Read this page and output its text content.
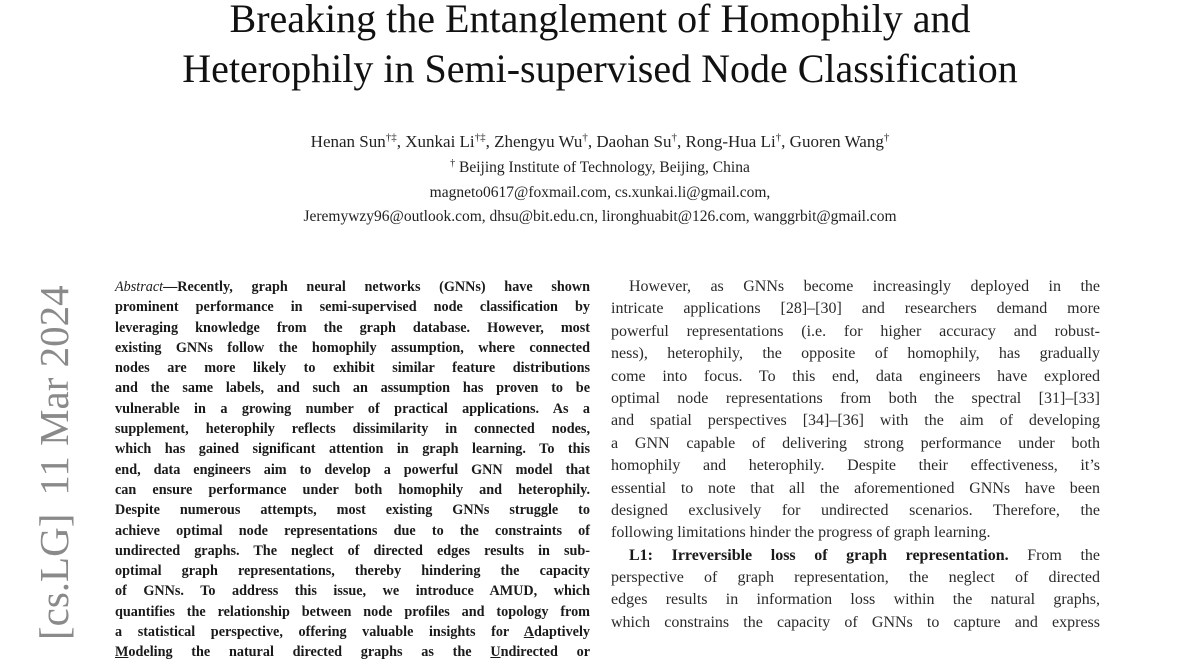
Breaking the Entanglement of Homophily and
Heterophily in Semi-supervised Node Classification
Henan Sun†‡, Xunkai Li†‡, Zhengyu Wu†, Daohan Su†, Rong-Hua Li†, Guoren Wang†
† Beijing Institute of Technology, Beijing, China
magneto0617@foxmail.com, cs.xunkai.li@gmail.com,
Jeremywzy96@outlook.com, dhsu@bit.edu.cn, lironghuabit@126.com, wanggrbit@gmail.com
[cs.LG]11 Mar 2024	Abstract—Recently, graph neural networks (GNNs) have shown
prominent performance in semi-supervised node classification by
leveraging knowledge from the graph database. However, most
existing GNNs follow the homophily assumption, where connected
nodes are more likely to exhibit similar feature distributions
and the same labels, and such an assumption has proven to be
vulnerable in a growing number of practical applications. As a
supplement, heterophily reflects dissimilarity in connected nodes,
which has gained significant attention in graph learning. To this
end, data engineers aim to develop a powerful GNN model that
can ensure performance under both homophily and heterophily.
Despite numerous attempts, most existing GNNs struggle to
achieve optimal node representations due to the constraints of
undirected graphs. The neglect of directed edges results in sub-
optimal graph representations, thereby hindering the capacity
of GNNs. To address this issue, we introduce AMUD, which
quantifies the relationship between node profiles and topology from
a statistical perspective, offering valuable insights for Adaptively
Modeling the natural directed graphs as the Undirected or
However, as GNNs become increasingly deployed in the
intricate applications [28]–[30] and researchers demand more
powerful representations (i.e. for higher accuracy and robust-
ness), heterophily, the opposite of homophily, has gradually
come into focus. To this end, data engineers have explored
optimal node representations from both the spectral [31]–[33]
and spatial perspectives [34]–[36] with the aim of developing
a GNN capable of delivering strong performance under both
homophily and heterophily. Despite their effectiveness, it’s
essential to note that all the aforementioned GNNs have been
designed exclusively for undirected scenarios. Therefore, the
following limitations hinder the progress of graph learning.
L1: Irreversible loss of graph representation. From the
perspective of graph representation, the neglect of directed
edges results in information loss within the natural graphs,
which constrains the capacity of GNNs to capture and express
